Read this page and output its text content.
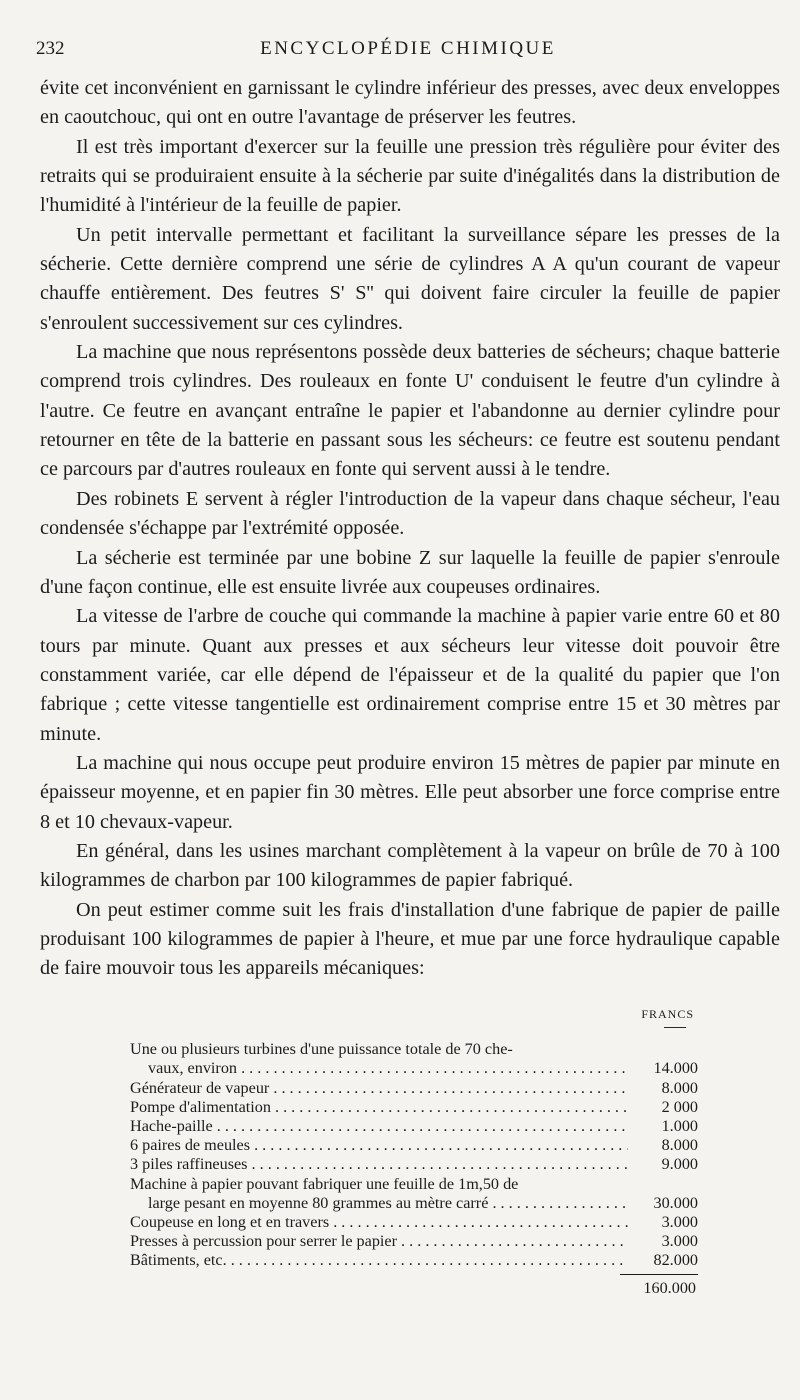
232	ENCYCLOPÉDIE CHIMIQUE

évite cet inconvénient en garnissant le cylindre inférieur des presses, avec deux enveloppes en caoutchouc, qui ont en outre l'avantage de préserver les feutres.

Il est très important d'exercer sur la feuille une pression très régulière pour éviter des retraits qui se produiraient ensuite à la sécherie par suite d'inégalités dans la distribution de l'humidité à l'intérieur de la feuille de papier.

Un petit intervalle permettant et facilitant la surveillance sépare les presses de la sécherie. Cette dernière comprend une série de cylindres A A qu'un courant de vapeur chauffe entièrement. Des feutres S' S'' qui doivent faire circuler la feuille de papier s'enroulent successivement sur ces cylindres.

La machine que nous représentons possède deux batteries de sécheurs; chaque batterie comprend trois cylindres. Des rouleaux en fonte U' conduisent le feutre d'un cylindre à l'autre. Ce feutre en avançant entraîne le papier et l'abandonne au dernier cylindre pour retourner en tête de la batterie en passant sous les sécheurs: ce feutre est soutenu pendant ce parcours par d'autres rouleaux en fonte qui servent aussi à le tendre.

Des robinets E servent à régler l'introduction de la vapeur dans chaque sécheur, l'eau condensée s'échappe par l'extrémité opposée.

La sécherie est terminée par une bobine Z sur laquelle la feuille de papier s'enroule d'une façon continue, elle est ensuite livrée aux coupeuses ordinaires.

La vitesse de l'arbre de couche qui commande la machine à papier varie entre 60 et 80 tours par minute. Quant aux presses et aux sécheurs leur vitesse doit pouvoir être constamment variée, car elle dépend de l'épaisseur et de la qualité du papier que l'on fabrique ; cette vitesse tangentielle est ordinairement comprise entre 15 et 30 mètres par minute.

La machine qui nous occupe peut produire environ 15 mètres de papier par minute en épaisseur moyenne, et en papier fin 30 mètres. Elle peut absorber une force comprise entre 8 et 10 chevaux-vapeur.

En général, dans les usines marchant complètement à la vapeur on brûle de 70 à 100 kilogrammes de charbon par 100 kilogrammes de papier fabriqué.

On peut estimer comme suit les frais d'installation d'une fabrique de papier de paille produisant 100 kilogrammes de papier à l'heure, et mue par une force hydraulique capable de faire mouvoir tous les appareils mécaniques:

FRANCS
Une ou plusieurs turbines d'une puissance totale de 70 che-
vaux, environ . . .	14.000
Générateur de vapeur . . .	8.000
Pompe d'alimentation . . .	2 000
Hache-paille . . .	1.000
6 paires de meules . . .	8.000
3 piles raffineuses . . .	9.000
Machine à papier pouvant fabriquer une feuille de 1m,50 de
large pesant en moyenne 80 grammes au mètre carré . . .	30.000
Coupeuse en long et en travers . . .	3.000
Presses à percussion pour serrer le papier . . .	3.000
Bâtiments, etc. . . .	82.000
160.000
